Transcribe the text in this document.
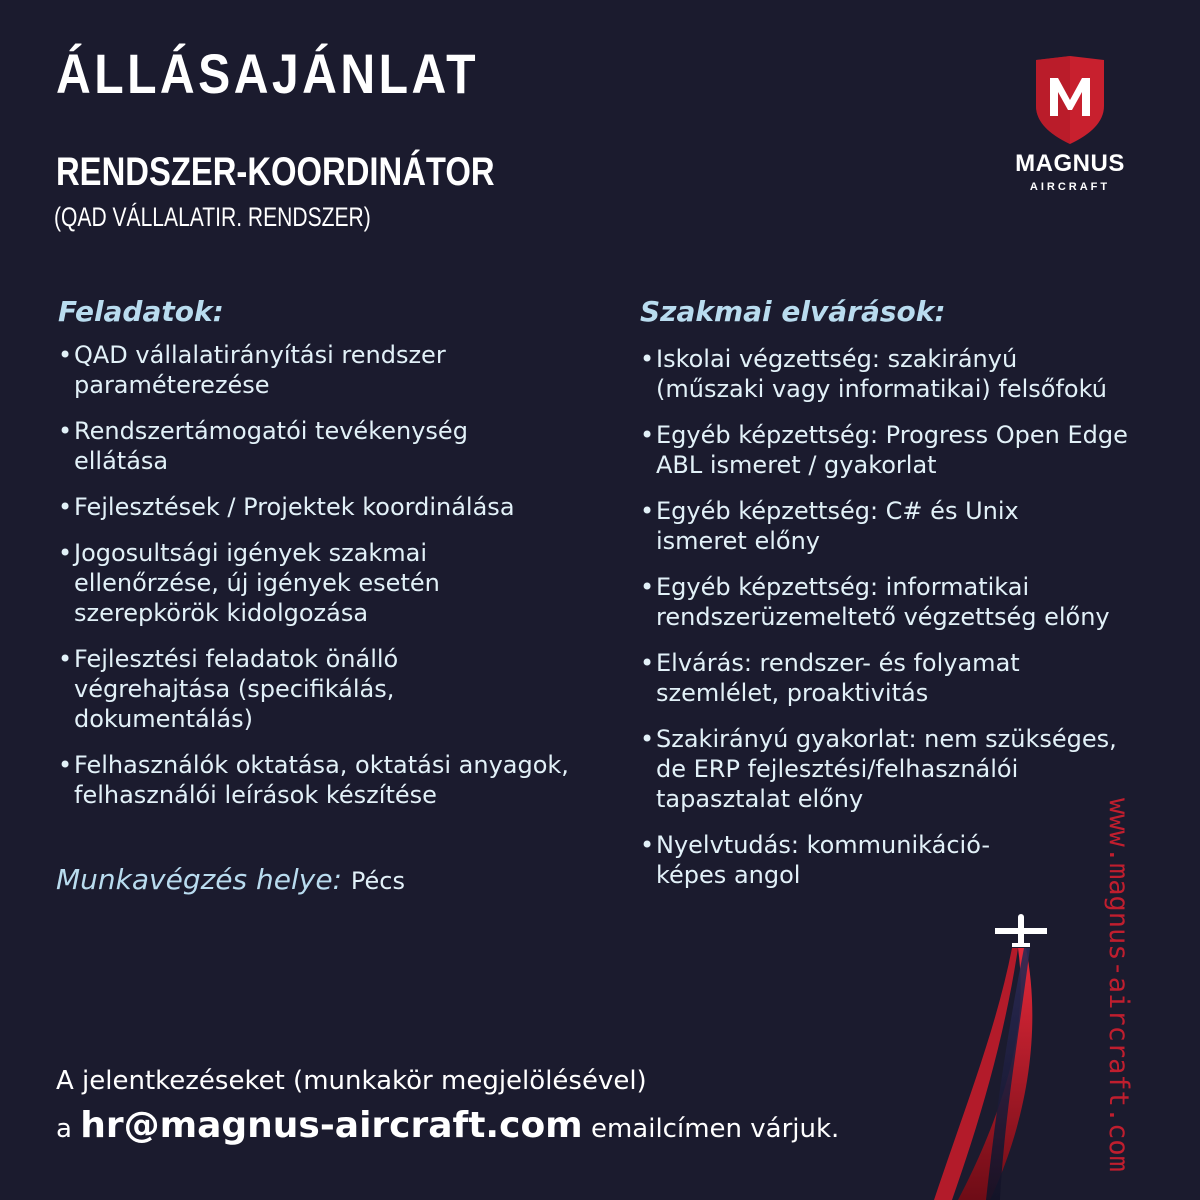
ÁLLÁSAJÁNLAT
RENDSZER-KOORDINÁTOR

(QAD VÁLLALATIR. RENDSZER)

MAGNUS
AIRCRAFT
Feladatok:
• QAD vállalatirányítási rendszer
paraméterezése
• Rendszertámogatói tevékenység
ellátása
• Fejlesztések / Projektek koordinálása
• Jogosultsági igények szakmai
ellenőrzése, új igények esetén
szerepkörök kidolgozása
• Fejlesztési feladatok önálló
végrehajtása (specifikálás,
dokumentálás)
• Felhasználók oktatása, oktatási anyagok,
felhasználói leírások készítése
Szakmai elvárások:
• Iskolai végzettség: szakirányú
(műszaki vagy informatikai) felsőfokú
• Egyéb képzettség: Progress Open Edge
ABL ismeret / gyakorlat
• Egyéb képzettség: C# és Unix
ismeret előny
• Egyéb képzettség: informatikai
rendszerüzemeltető végzettség előny
• Elvárás: rendszer- és folyamat
szemlélet, proaktivitás
• Szakirányú gyakorlat: nem szükséges,
de ERP fejlesztési/felhasználói
tapasztalat előny
• Nyelvtudás: kommunikáció-
képes angol

Munkavégzés helye: Pécs

A jelentkezéseket (munkakör megjelölésével)

a hr@magnus-aircraft.com emailcímen várjuk.	www.magnus-aircraft.com
